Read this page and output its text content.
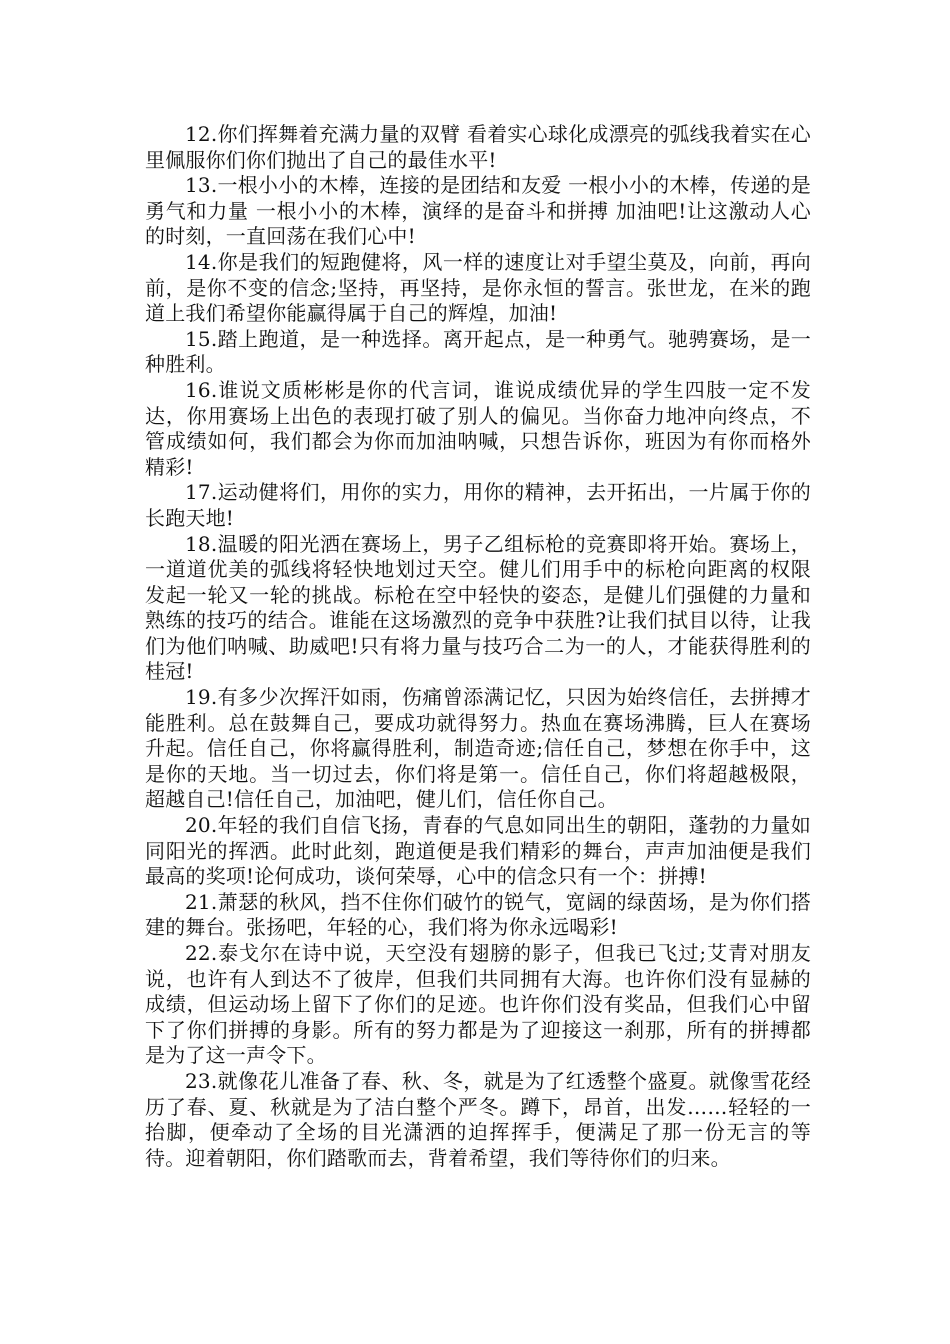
12.你们挥舞着充满力量的双臂 看着实心球化成漂亮的弧线我着实在心里佩服你们你们抛出了自己的最佳水平!

13.一根小小的木棒，连接的是团结和友爱 一根小小的木棒，传递的是勇气和力量 一根小小的木棒，演绎的是奋斗和拼搏 加油吧!让这激动人心的时刻，一直回荡在我们心中!

14.你是我们的短跑健将，风一样的速度让对手望尘莫及，向前，再向前，是你不变的信念;坚持，再坚持，是你永恒的誓言。张世龙，在米的跑道上我们希望你能赢得属于自己的辉煌，加油!

15.踏上跑道，是一种选择。离开起点，是一种勇气。驰骋赛场，是一种胜利。

16.谁说文质彬彬是你的代言词，谁说成绩优异的学生四肢一定不发达，你用赛场上出色的表现打破了别人的偏见。当你奋力地冲向终点，不管成绩如何，我们都会为你而加油呐喊，只想告诉你，班因为有你而格外精彩!

17.运动健将们，用你的实力，用你的精神，去开拓出，一片属于你的长跑天地!

18.温暖的阳光洒在赛场上，男子乙组标枪的竞赛即将开始。赛场上，一道道优美的弧线将轻快地划过天空。健儿们用手中的标枪向距离的权限发起一轮又一轮的挑战。标枪在空中轻快的姿态，是健儿们强健的力量和熟练的技巧的结合。谁能在这场激烈的竞争中获胜?让我们拭目以待，让我们为他们呐喊、助威吧!只有将力量与技巧合二为一的人，才能获得胜利的桂冠!

19.有多少次挥汗如雨，伤痛曾添满记忆，只因为始终信任，去拼搏才能胜利。总在鼓舞自己，要成功就得努力。热血在赛场沸腾，巨人在赛场升起。信任自己，你将赢得胜利，制造奇迹;信任自己，梦想在你手中，这是你的天地。当一切过去，你们将是第一。信任自己，你们将超越极限，超越自己!信任自己，加油吧，健儿们，信任你自己。

20.年轻的我们自信飞扬，青春的气息如同出生的朝阳，蓬勃的力量如同阳光的挥洒。此时此刻，跑道便是我们精彩的舞台，声声加油便是我们最高的奖项!论何成功，谈何荣辱，心中的信念只有一个：拼搏!

21.萧瑟的秋风，挡不住你们破竹的锐气，宽阔的绿茵场，是为你们搭建的舞台。张扬吧，年轻的心，我们将为你永远喝彩!

22.泰戈尔在诗中说，天空没有翅膀的影子，但我已飞过;艾青对朋友说，也许有人到达不了彼岸，但我们共同拥有大海。也许你们没有显赫的成绩，但运动场上留下了你们的足迹。也许你们没有奖品，但我们心中留下了你们拼搏的身影。所有的努力都是为了迎接这一刹那，所有的拼搏都是为了这一声令下。

23.就像花儿准备了春、秋、冬，就是为了红透整个盛夏。就像雪花经历了春、夏、秋就是为了洁白整个严冬。蹲下，昂首，出发……轻轻的一抬脚，便牵动了全场的目光潇洒的迫挥挥手，便满足了那一份无言的等待。迎着朝阳，你们踏歌而去，背着希望，我们等待你们的归来。
